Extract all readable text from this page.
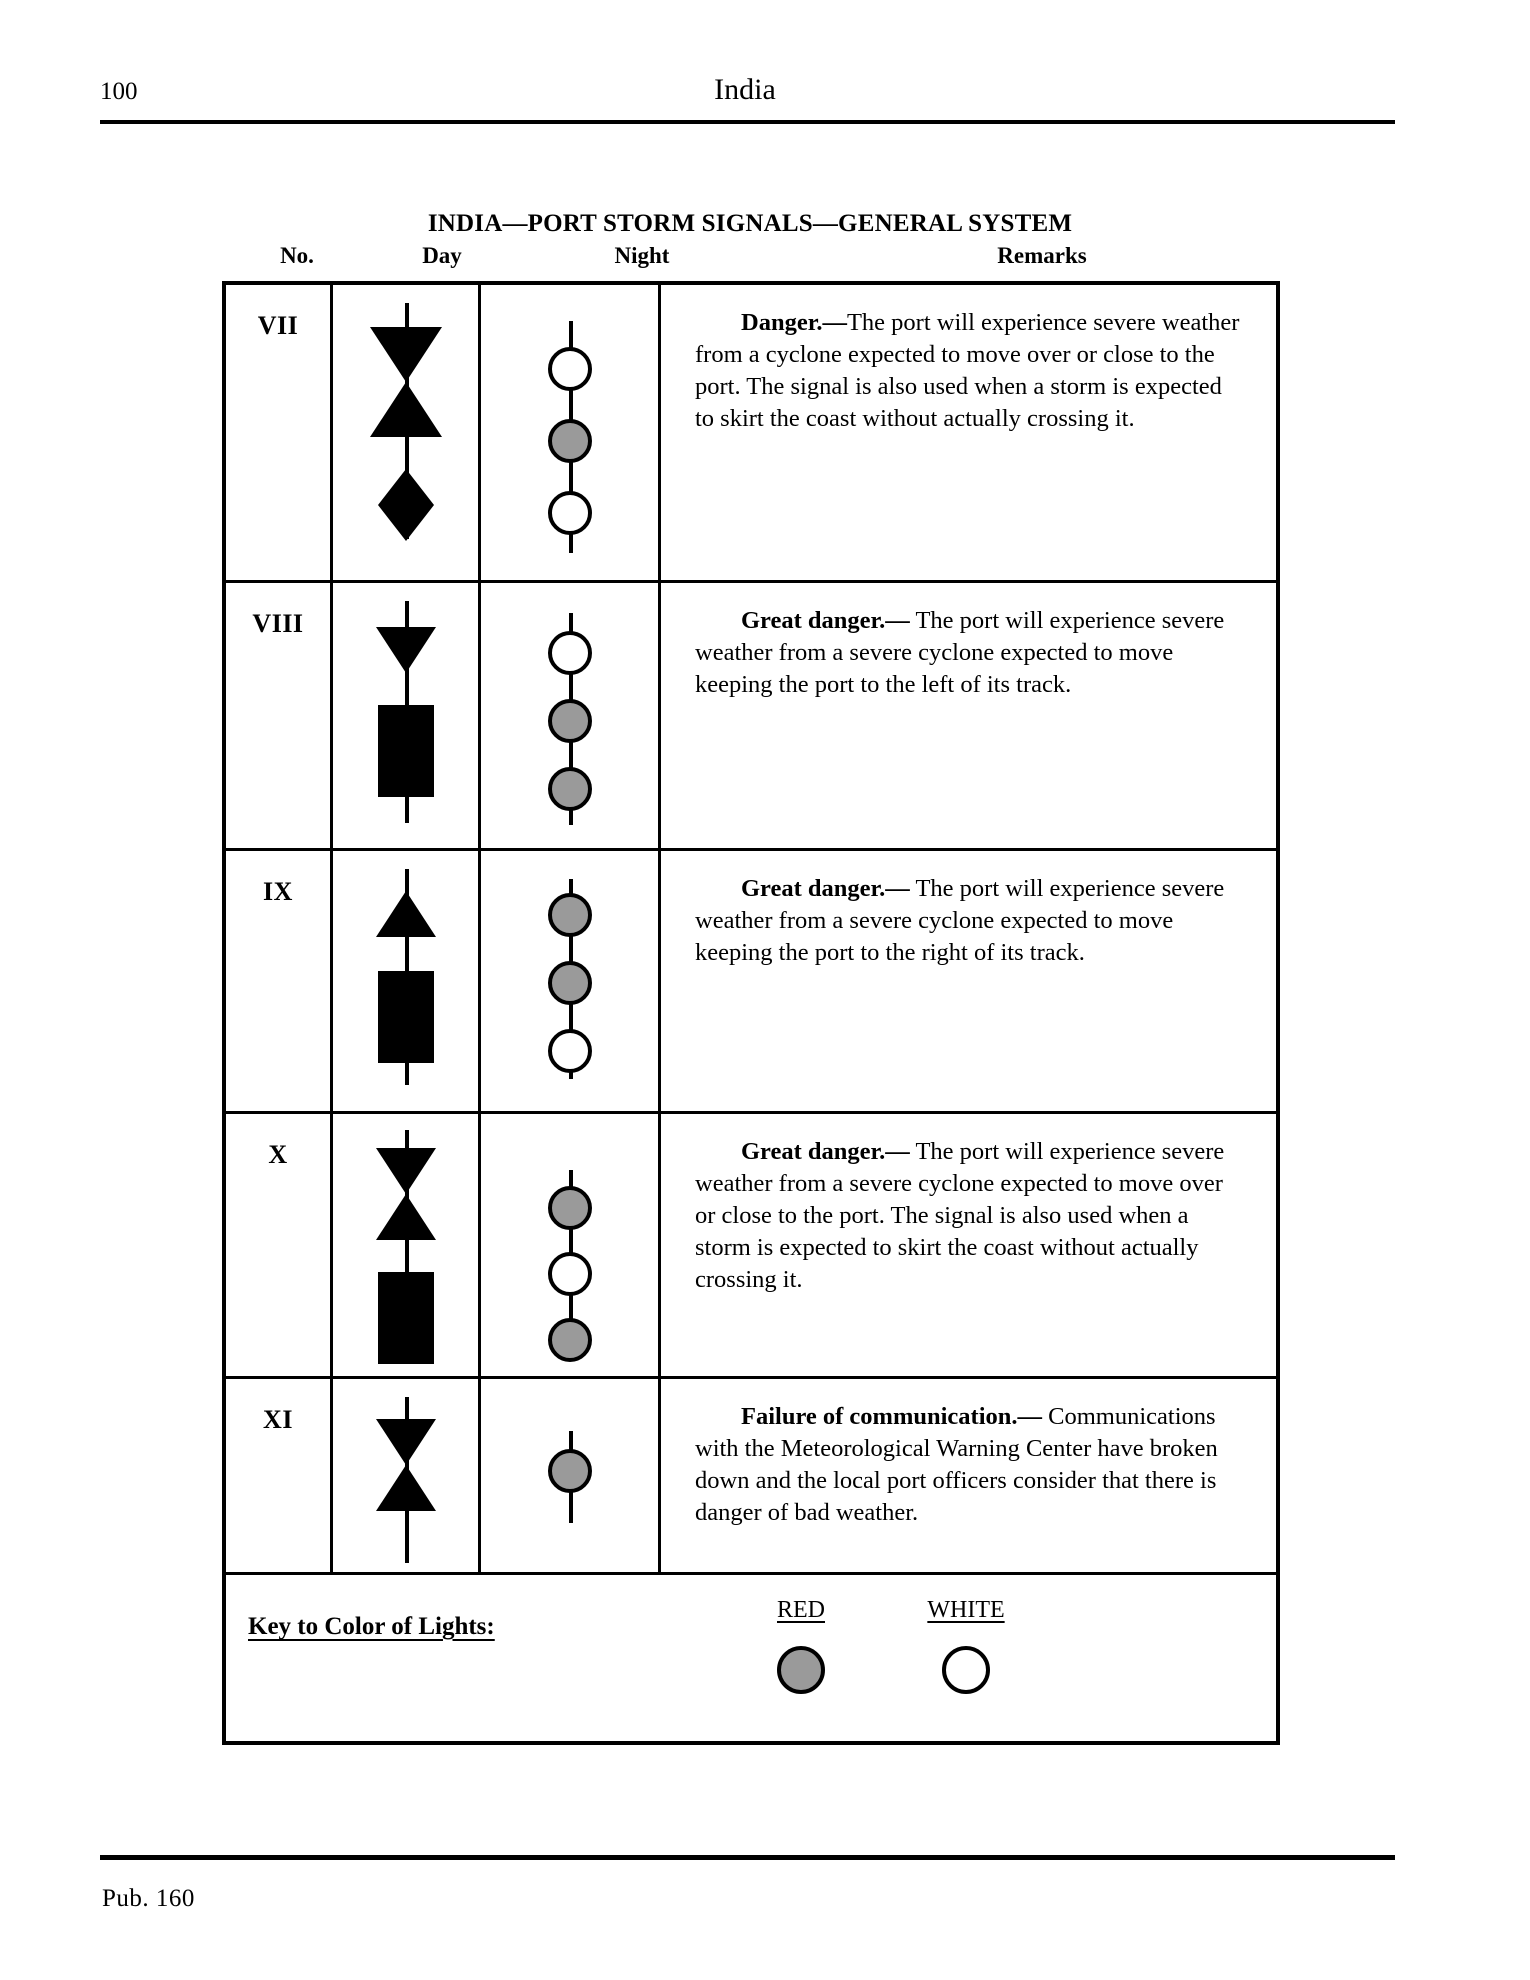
100	India
INDIA—PORT STORM SIGNALS—GENERAL SYSTEM
No.	Day	Night	Remarks
VII	Danger.—The port will experience severe weather from a cyclone expected to move over or close to the port. The signal is also used when a storm is expected to skirt the coast without actually crossing it.
VIII	Great danger.— The port will experience severe weather from a severe cyclone expected to move keeping the port to the left of its track.
IX	Great danger.— The port will experience severe weather from a severe cyclone expected to move keeping the port to the right of its track.
X	Great danger.— The port will experience severe weather from a severe cyclone expected to move over or close to the port. The signal is also used when a storm is expected to skirt the coast without actually crossing it.
XI	Failure of communication.— Communications with the Meteorological Warning Center have broken down and the local port officers consider that there is danger of bad weather.
Key to Color of Lights:
RED	WHITE
Pub. 160
